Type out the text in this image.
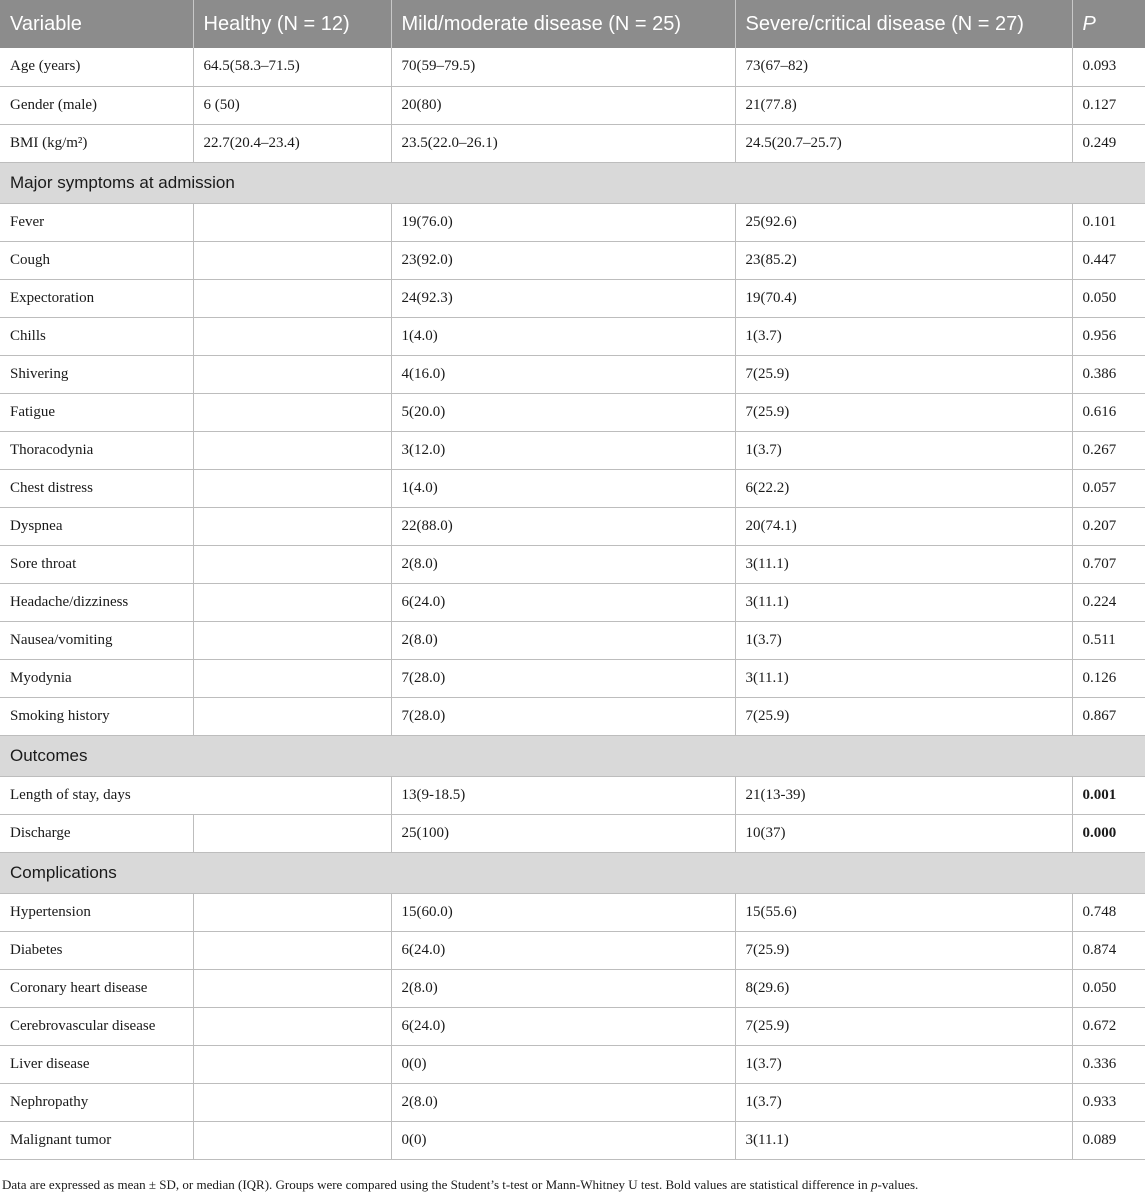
Variable	Healthy (N = 12)	Mild/moderate disease (N = 25)	Severe/critical disease (N = 27)	P
Age (years)	64.5(58.3–71.5)	70(59–79.5)	73(67–82)	0.093
Gender (male)	6 (50)	20(80)	21(77.8)	0.127
BMI (kg/m²)	22.7(20.4–23.4)	23.5(22.0–26.1)	24.5(20.7–25.7)	0.249
Major symptoms at admission				
Fever		19(76.0)	25(92.6)	0.101
Cough		23(92.0)	23(85.2)	0.447
Expectoration		24(92.3)	19(70.4)	0.050
Chills		1(4.0)	1(3.7)	0.956
Shivering		4(16.0)	7(25.9)	0.386
Fatigue		5(20.0)	7(25.9)	0.616
Thoracodynia		3(12.0)	1(3.7)	0.267
Chest distress		1(4.0)	6(22.2)	0.057
Dyspnea		22(88.0)	20(74.1)	0.207
Sore throat		2(8.0)	3(11.1)	0.707
Headache/dizziness		6(24.0)	3(11.1)	0.224
Nausea/vomiting		2(8.0)	1(3.7)	0.511
Myodynia		7(28.0)	3(11.1)	0.126
Smoking history		7(28.0)	7(25.9)	0.867
Outcomes				
Length of stay, days		13(9-18.5)	21(13-39)	0.001
Discharge		25(100)	10(37)	0.000
Complications				
Hypertension		15(60.0)	15(55.6)	0.748
Diabetes		6(24.0)	7(25.9)	0.874
Coronary heart disease		2(8.0)	8(29.6)	0.050
Cerebrovascular disease		6(24.0)	7(25.9)	0.672
Liver disease		0(0)	1(3.7)	0.336
Nephropathy		2(8.0)	1(3.7)	0.933
Malignant tumor		0(0)	3(11.1)	0.089
Data are expressed as mean ± SD, or median (IQR). Groups were compared using the Student’s t-test or Mann-Whitney U test. Bold values are statistical difference in p-values.
